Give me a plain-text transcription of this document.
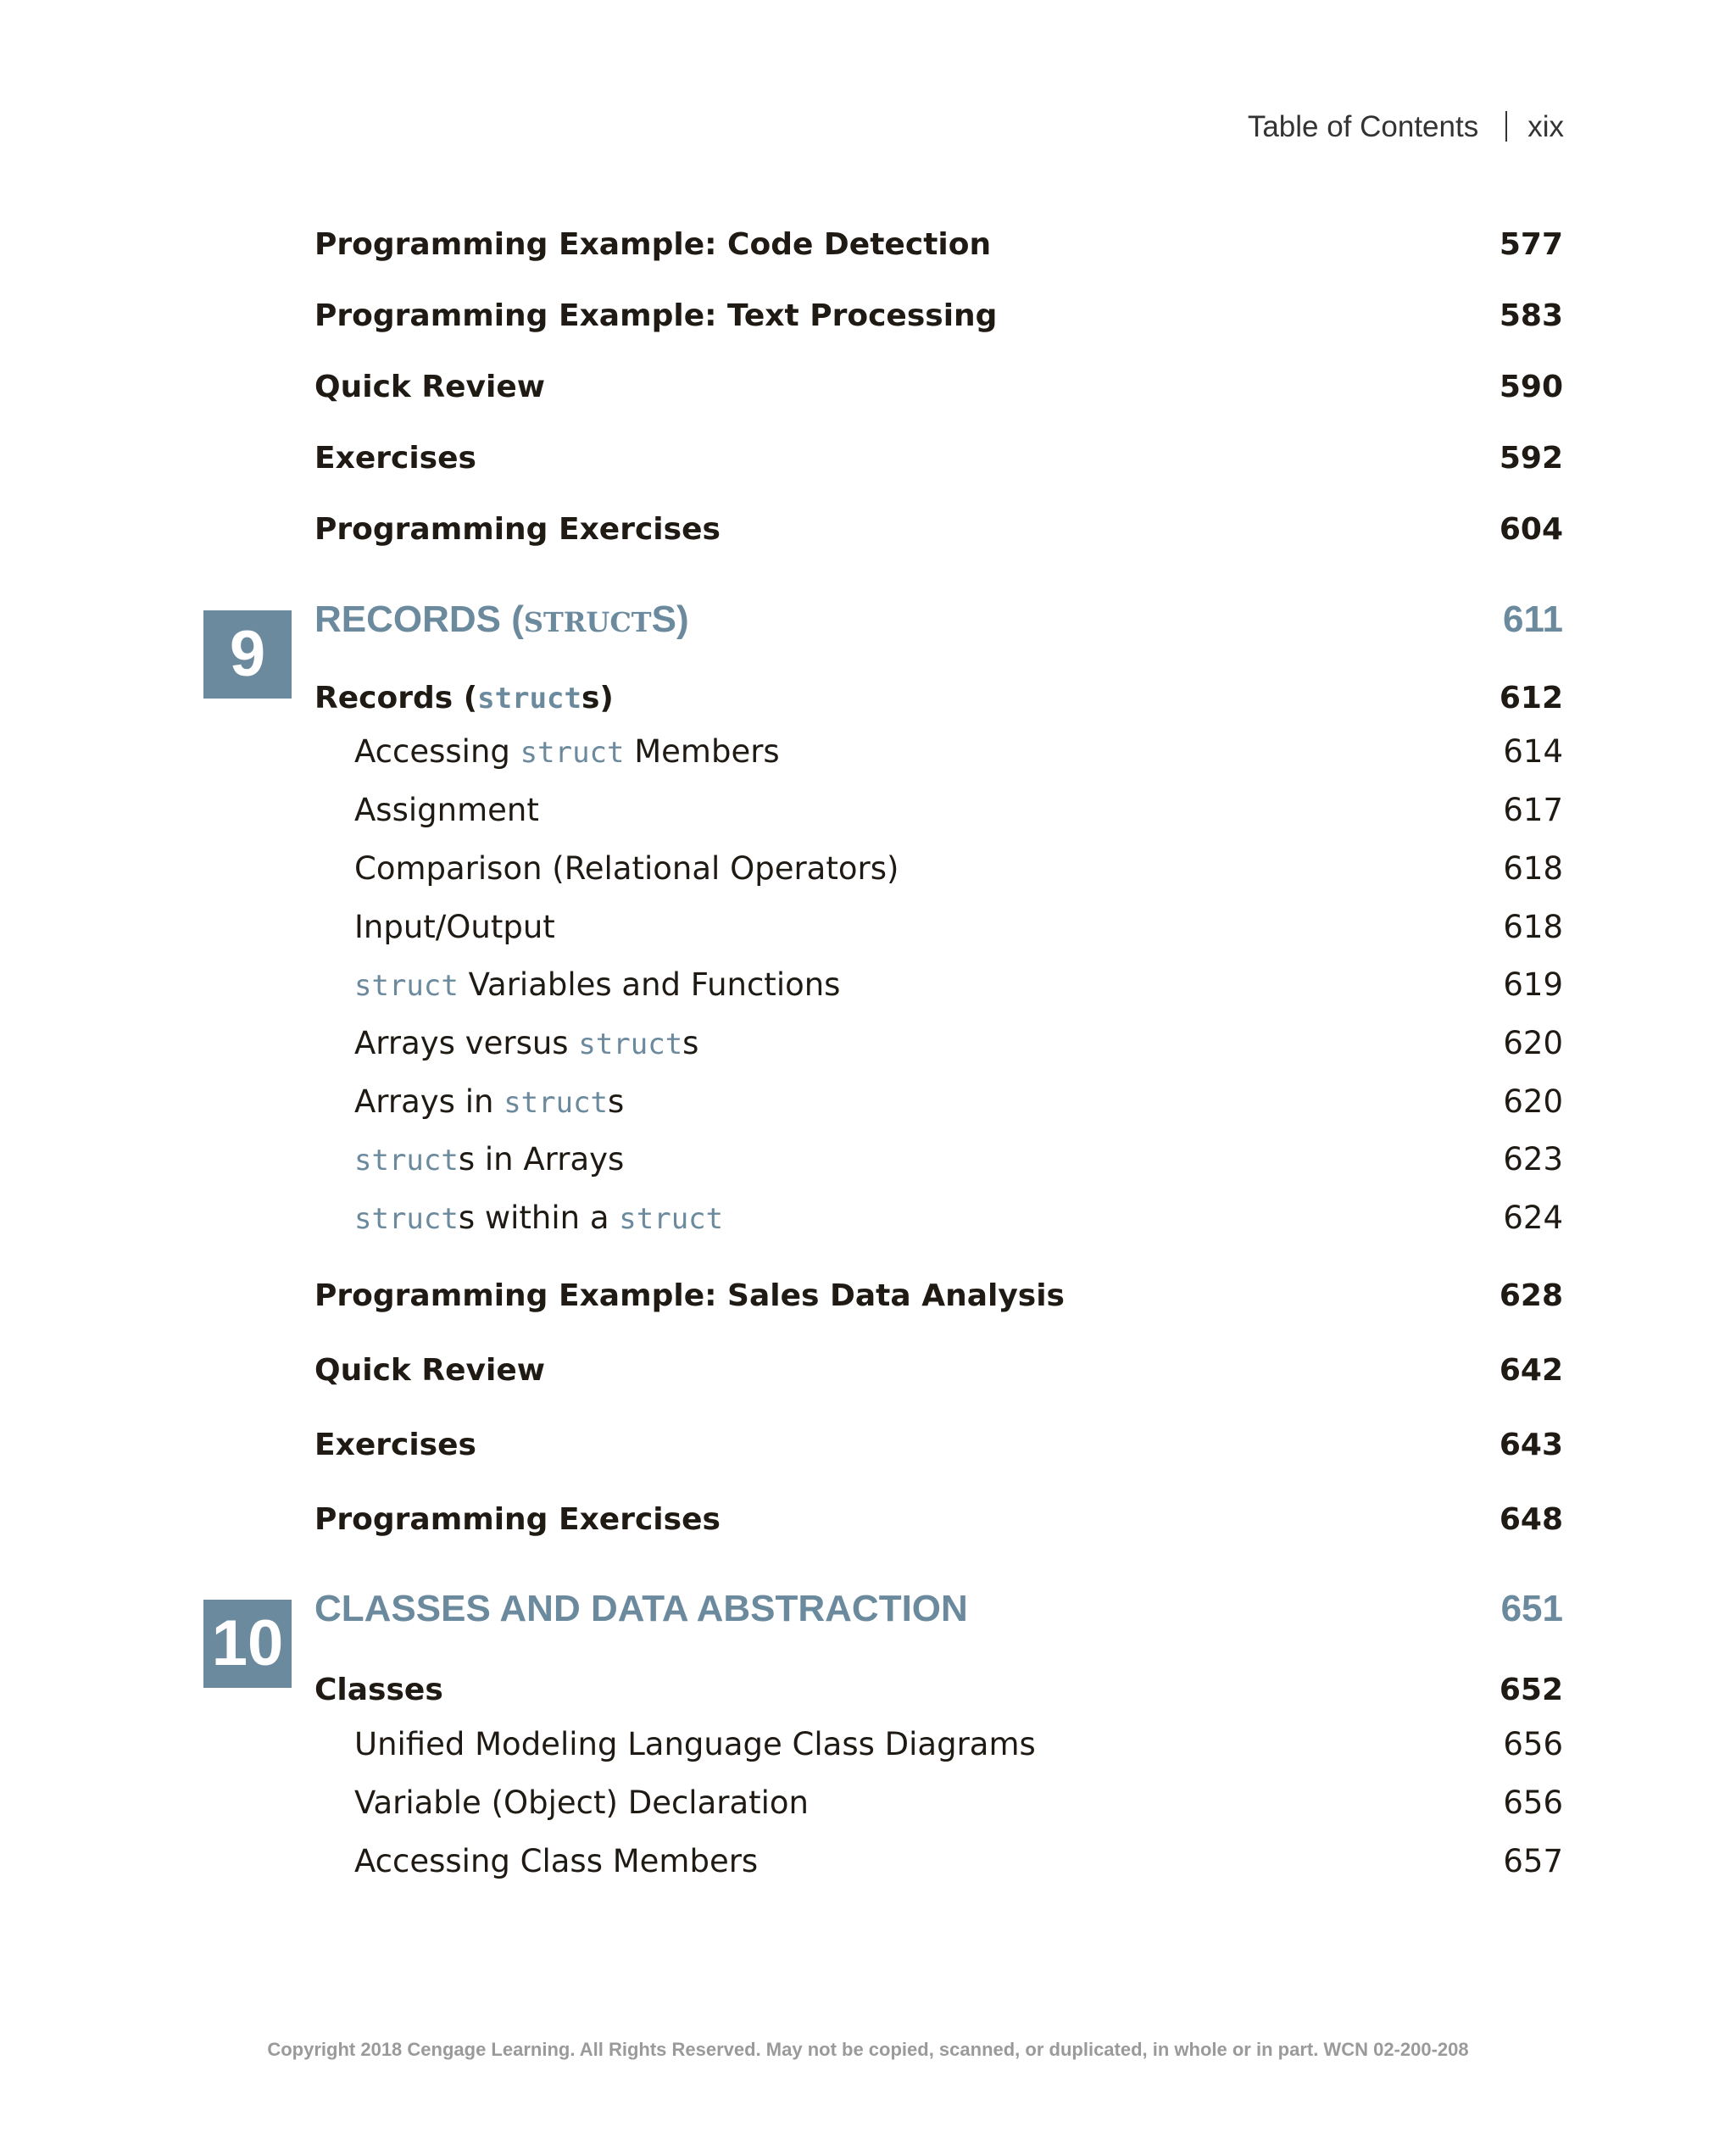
Table of Contents xix
Programming Example: Code Detection	577
Programming Example: Text Processing	583
Quick Review	590
Exercises	592
Programming Exercises	604
9	RECORDS (STRUCTS)	611
Records (structs)	612
Accessing struct Members	614
Assignment	617
Comparison (Relational Operators)	618
Input/Output	618
struct Variables and Functions	619
Arrays versus structs	620
Arrays in structs	620
structs in Arrays	623
structs within a struct	624
Programming Example: Sales Data Analysis	628
Quick Review	642
Exercises	643
Programming Exercises	648
10 CLASSES AND DATA ABSTRACTION	651
Classes	652
Unified Modeling Language Class Diagrams	656
Variable (Object) Declaration	656
Accessing Class Members	657
Copyright 2018 Cengage Learning. All Rights Reserved. May not be copied, scanned, or duplicated, in whole or in part. WCN 02-200-208
